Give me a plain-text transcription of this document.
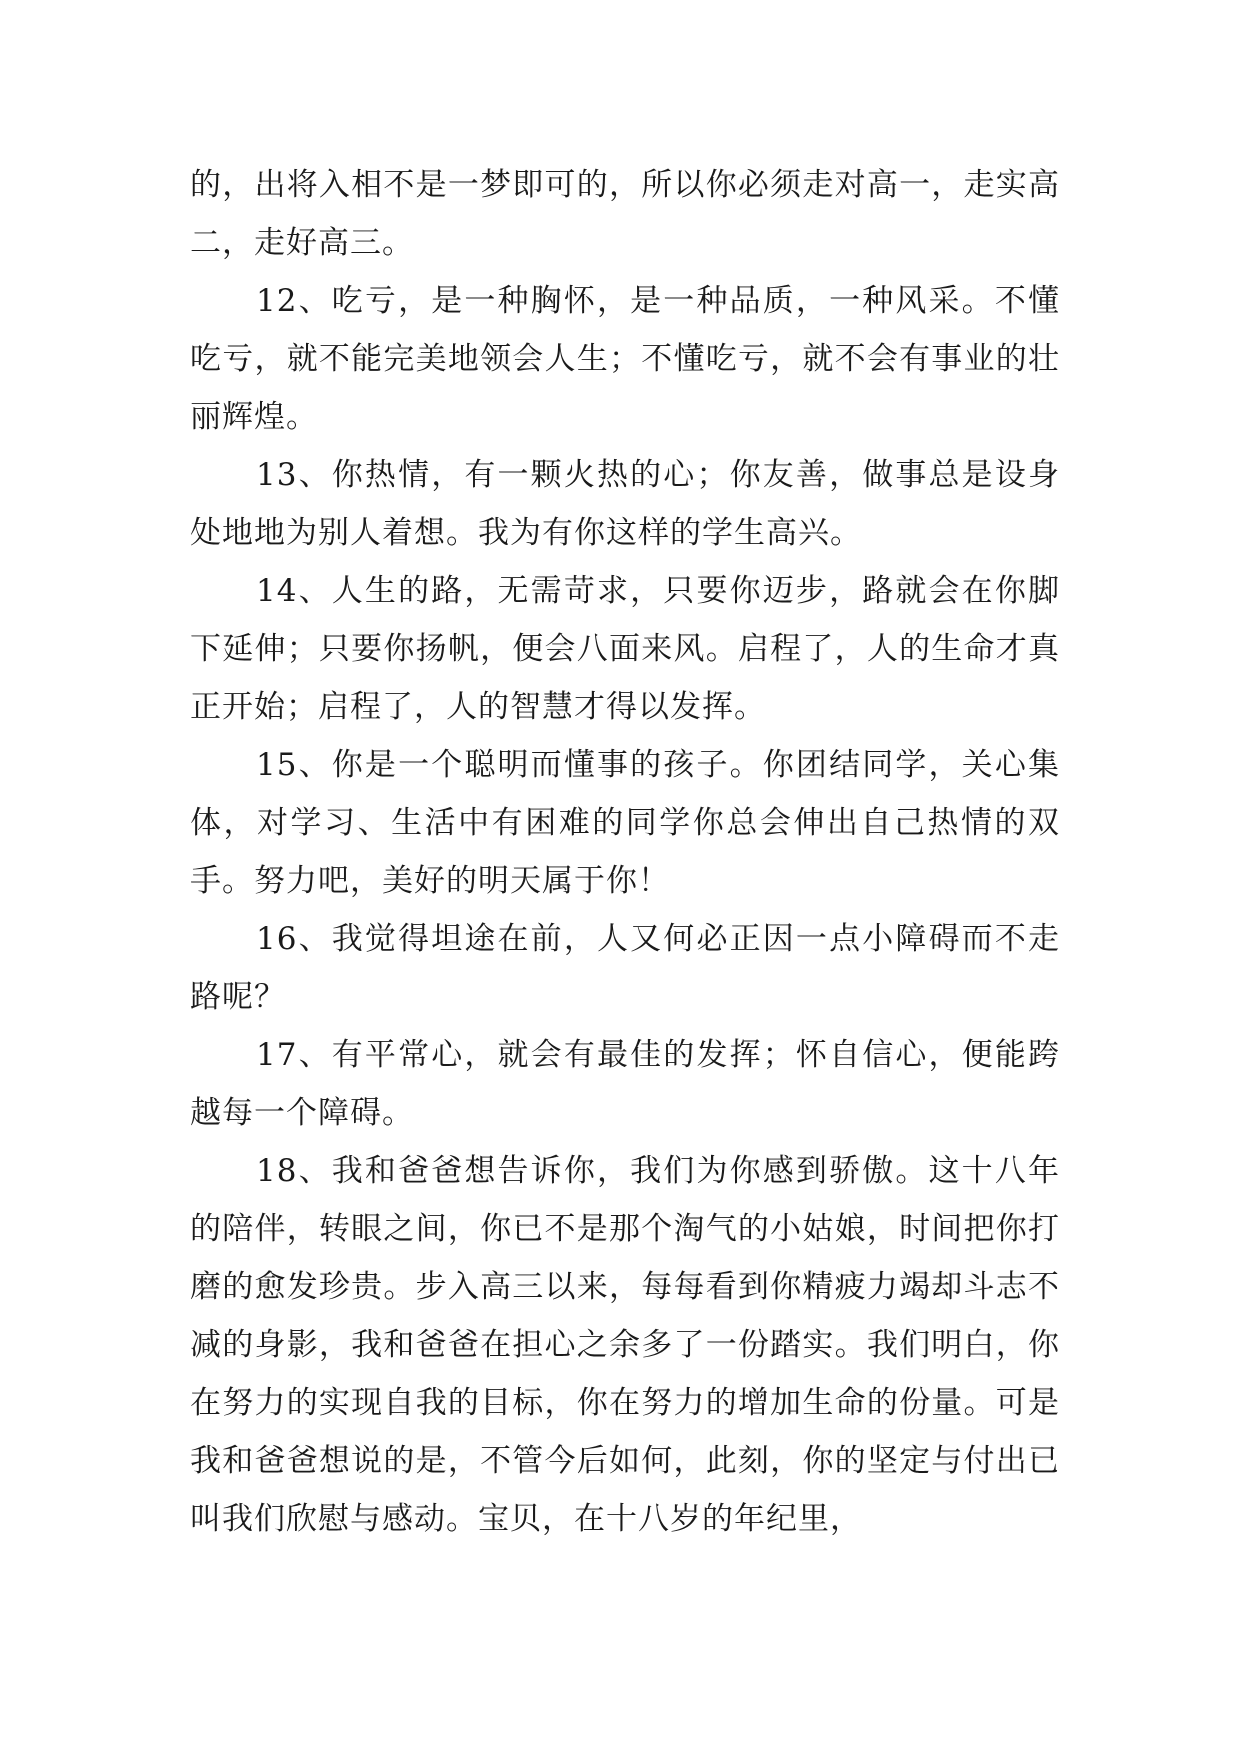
的，出将入相不是一梦即可的，所以你必须走对高一，走实高二，走好高三。

12、吃亏，是一种胸怀，是一种品质，一种风采。不懂吃亏，就不能完美地领会人生；不懂吃亏，就不会有事业的壮丽辉煌。

13、你热情，有一颗火热的心；你友善，做事总是设身处地地为别人着想。我为有你这样的学生高兴。

14、人生的路，无需苛求，只要你迈步，路就会在你脚下延伸；只要你扬帆，便会八面来风。启程了，人的生命才真正开始；启程了，人的智慧才得以发挥。

15、你是一个聪明而懂事的孩子。你团结同学，关心集体，对学习、生活中有困难的同学你总会伸出自己热情的双手。努力吧，美好的明天属于你！

16、我觉得坦途在前，人又何必正因一点小障碍而不走路呢？

17、有平常心，就会有最佳的发挥；怀自信心，便能跨越每一个障碍。

18、我和爸爸想告诉你，我们为你感到骄傲。这十八年的陪伴，转眼之间，你已不是那个淘气的小姑娘，时间把你打磨的愈发珍贵。步入高三以来，每每看到你精疲力竭却斗志不减的身影，我和爸爸在担心之余多了一份踏实。我们明白，你在努力的实现自我的目标，你在努力的增加生命的份量。可是我和爸爸想说的是，不管今后如何，此刻，你的坚定与付出已叫我们欣慰与感动。宝贝，在十八岁的年纪里，
